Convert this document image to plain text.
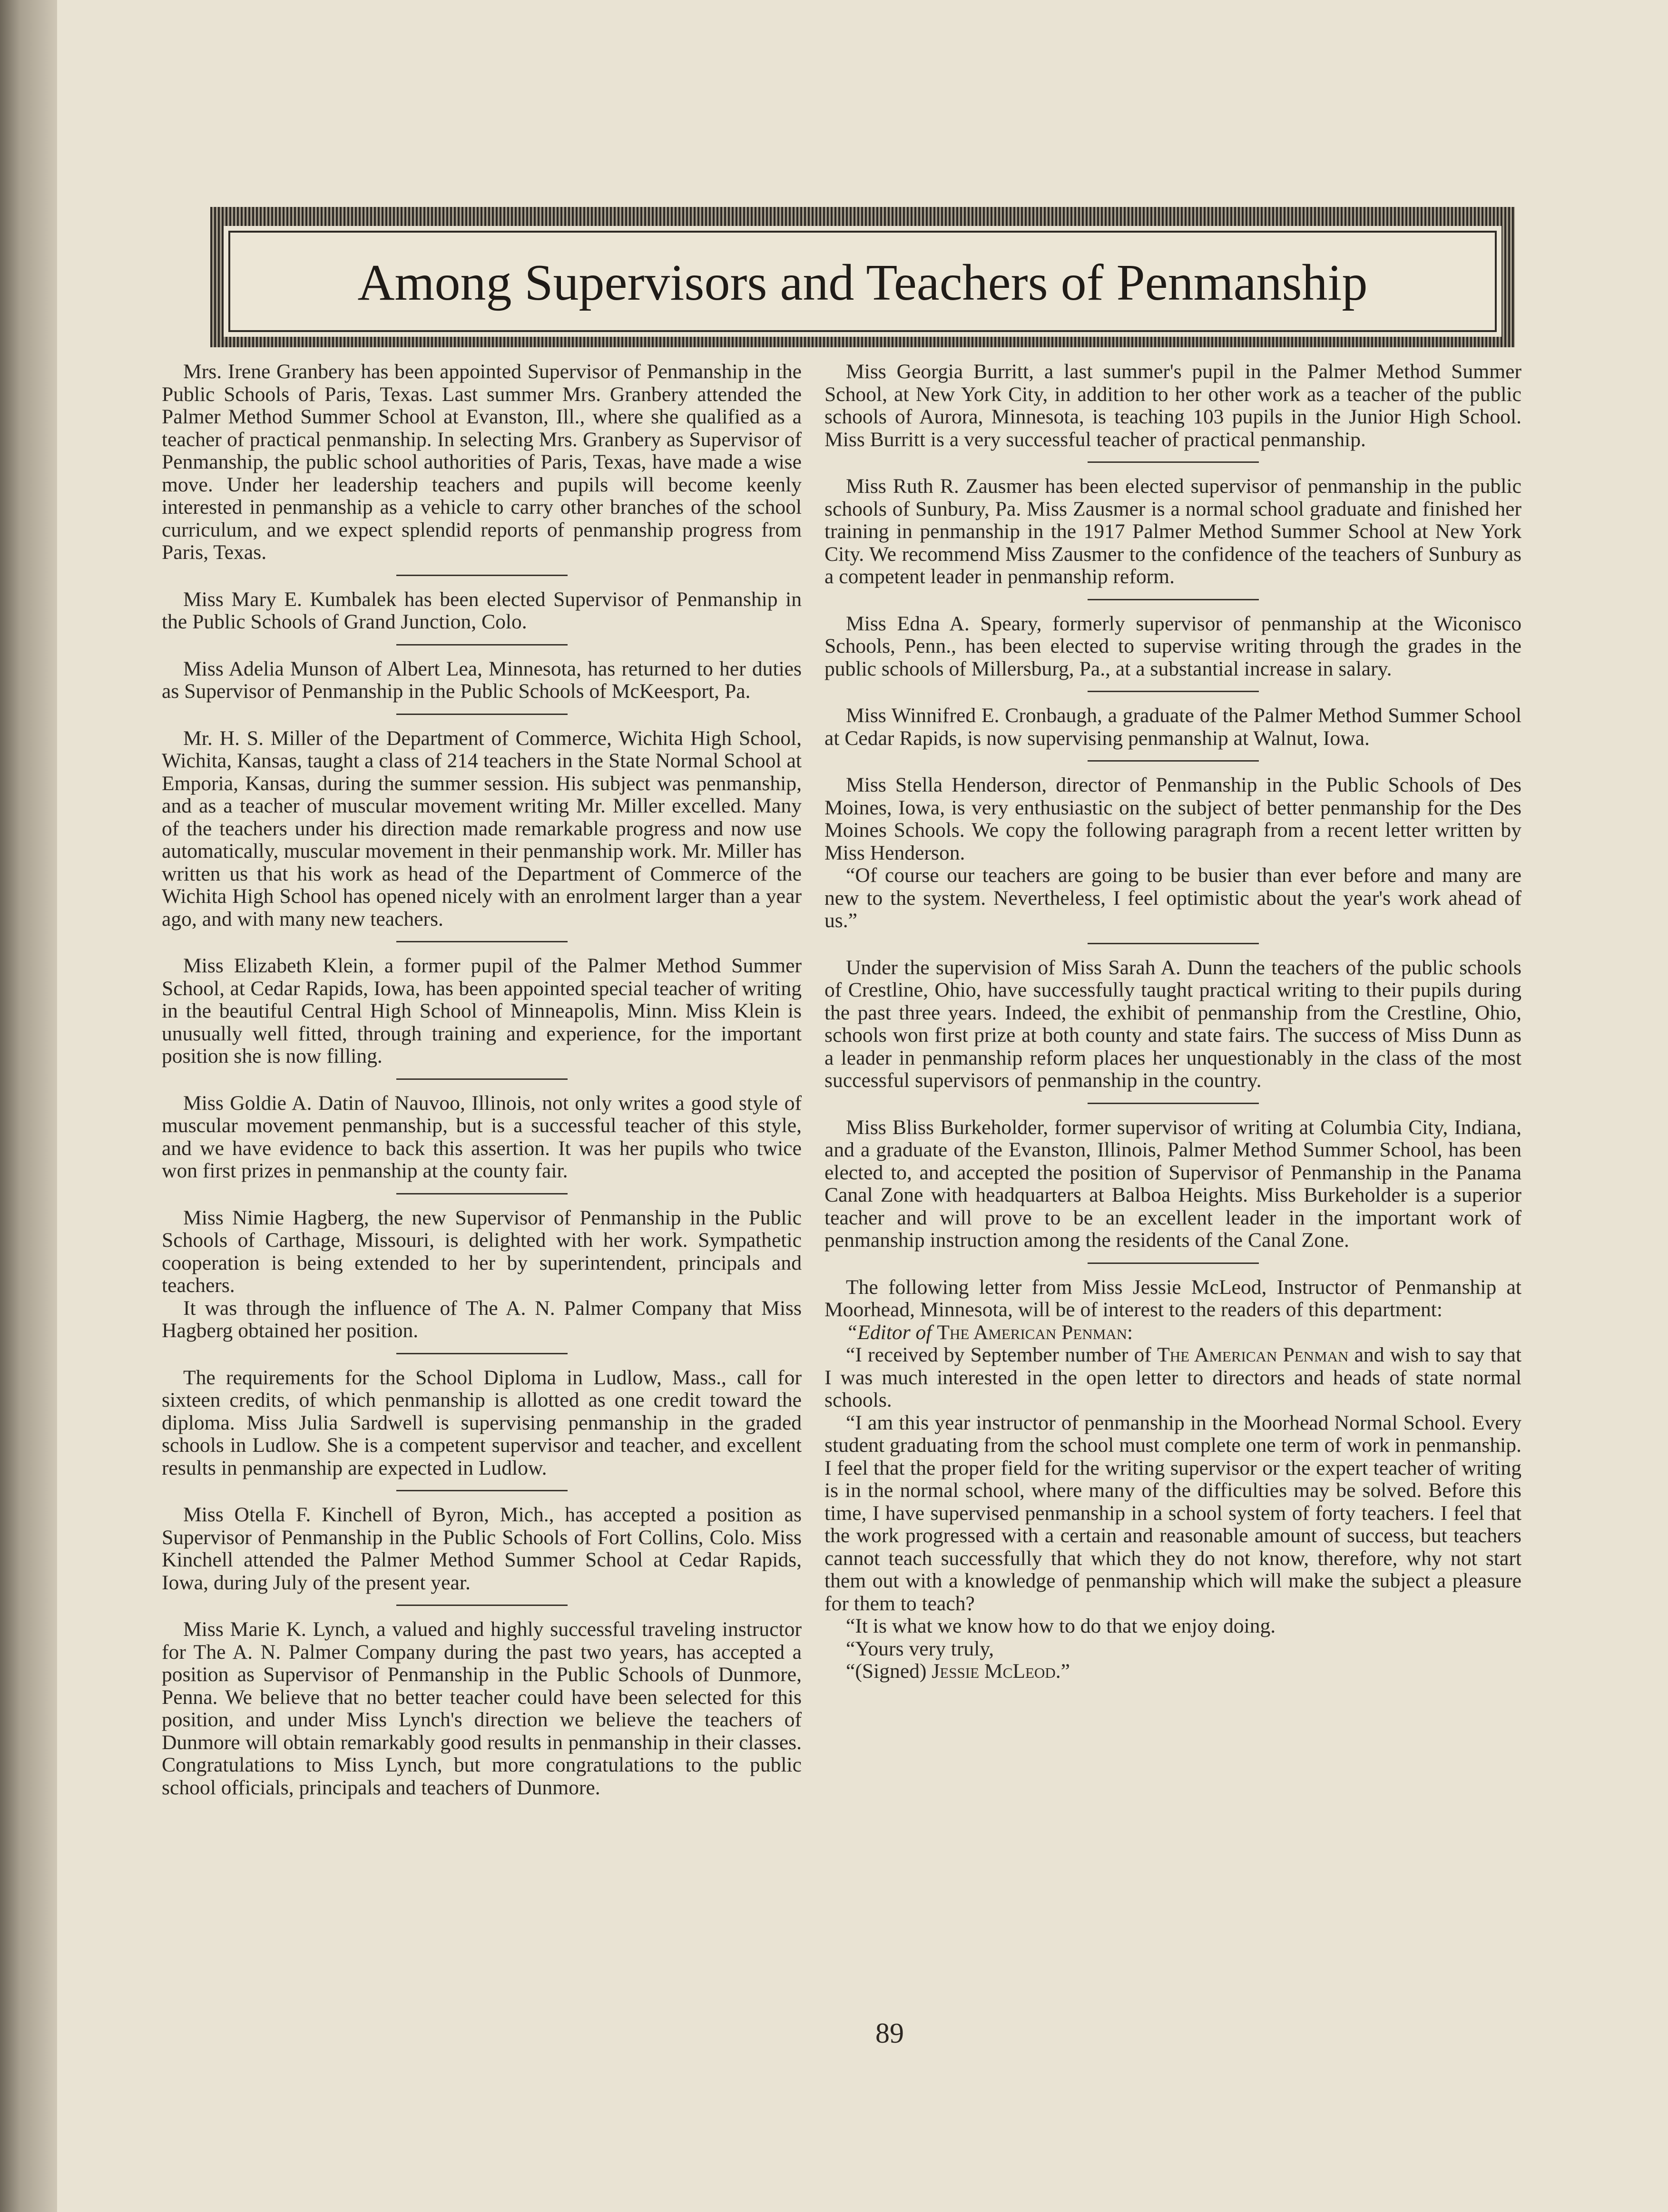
Among Supervisors and Teachers of Penmanship

Mrs. Irene Granbery has been appointed Supervisor of Penmanship in the Public Schools of Paris, Texas. Last summer Mrs. Granbery attended the Palmer Method Summer School at Evanston, Ill., where she qualified as a teacher of practical penmanship. In selecting Mrs. Granbery as Supervisor of Penmanship, the public school authorities of Paris, Texas, have made a wise move. Under her leadership teachers and pupils will become keenly interested in penmanship as a vehicle to carry other branches of the school curriculum, and we expect splendid reports of penmanship progress from Paris, Texas.

Miss Mary E. Kumbalek has been elected Supervisor of Penmanship in the Public Schools of Grand Junction, Colo.

Miss Adelia Munson of Albert Lea, Minnesota, has returned to her duties as Supervisor of Penmanship in the Public Schools of McKeesport, Pa.

Mr. H. S. Miller of the Department of Commerce, Wichita High School, Wichita, Kansas, taught a class of 214 teachers in the State Normal School at Emporia, Kansas, during the summer session. His subject was penmanship, and as a teacher of muscular movement writing Mr. Miller excelled. Many of the teachers under his direction made remarkable progress and now use automatically, muscular movement in their penmanship work. Mr. Miller has written us that his work as head of the Department of Commerce of the Wichita High School has opened nicely with an enrolment larger than a year ago, and with many new teachers.

Miss Elizabeth Klein, a former pupil of the Palmer Method Summer School, at Cedar Rapids, Iowa, has been appointed special teacher of writing in the beautiful Central High School of Minneapolis, Minn. Miss Klein is unusually well fitted, through training and experience, for the important position she is now filling.

Miss Goldie A. Datin of Nauvoo, Illinois, not only writes a good style of muscular movement penmanship, but is a successful teacher of this style, and we have evidence to back this assertion. It was her pupils who twice won first prizes in penmanship at the county fair.

Miss Nimie Hagberg, the new Supervisor of Penmanship in the Public Schools of Carthage, Missouri, is delighted with her work. Sympathetic cooperation is being extended to her by superintendent, principals and teachers.

It was through the influence of The A. N. Palmer Company that Miss Hagberg obtained her position.

The requirements for the School Diploma in Ludlow, Mass., call for sixteen credits, of which penmanship is allotted as one credit toward the diploma. Miss Julia Sardwell is supervising penmanship in the graded schools in Ludlow. She is a competent supervisor and teacher, and excellent results in penmanship are expected in Ludlow.

Miss Otella F. Kinchell of Byron, Mich., has accepted a position as Supervisor of Penmanship in the Public Schools of Fort Collins, Colo. Miss Kinchell attended the Palmer Method Summer School at Cedar Rapids, Iowa, during July of the present year.

Miss Marie K. Lynch, a valued and highly successful traveling instructor for The A. N. Palmer Company during the past two years, has accepted a position as Supervisor of Penmanship in the Public Schools of Dunmore, Penna. We believe that no better teacher could have been selected for this position, and under Miss Lynch's direction we believe the teachers of Dunmore will obtain remarkably good results in penmanship in their classes. Congratulations to Miss Lynch, but more congratulations to the public school officials, principals and teachers of Dunmore.

Miss Georgia Burritt, a last summer's pupil in the Palmer Method Summer School, at New York City, in addition to her other work as a teacher of the public schools of Aurora, Minnesota, is teaching 103 pupils in the Junior High School. Miss Burritt is a very successful teacher of practical penmanship.

Miss Ruth R. Zausmer has been elected supervisor of penmanship in the public schools of Sunbury, Pa. Miss Zausmer is a normal school graduate and finished her training in penmanship in the 1917 Palmer Method Summer School at New York City. We recommend Miss Zausmer to the confidence of the teachers of Sunbury as a competent leader in penmanship reform.

Miss Edna A. Speary, formerly supervisor of penmanship at the Wiconisco Schools, Penn., has been elected to supervise writing through the grades in the public schools of Millersburg, Pa., at a substantial increase in salary.

Miss Winnifred E. Cronbaugh, a graduate of the Palmer Method Summer School at Cedar Rapids, is now supervising penmanship at Walnut, Iowa.

Miss Stella Henderson, director of Penmanship in the Public Schools of Des Moines, Iowa, is very enthusiastic on the subject of better penmanship for the Des Moines Schools. We copy the following paragraph from a recent letter written by Miss Henderson.

“Of course our teachers are going to be busier than ever before and many are new to the system. Nevertheless, I feel optimistic about the year's work ahead of us.”

Under the supervision of Miss Sarah A. Dunn the teachers of the public schools of Crestline, Ohio, have successfully taught practical writing to their pupils during the past three years. Indeed, the exhibit of penmanship from the Crestline, Ohio, schools won first prize at both county and state fairs. The success of Miss Dunn as a leader in penmanship reform places her unquestionably in the class of the most successful supervisors of penmanship in the country.

Miss Bliss Burkeholder, former supervisor of writing at Columbia City, Indiana, and a graduate of the Evanston, Illinois, Palmer Method Summer School, has been elected to, and accepted the position of Supervisor of Penmanship in the Panama Canal Zone with headquarters at Balboa Heights. Miss Burkeholder is a superior teacher and will prove to be an excellent leader in the important work of penmanship instruction among the residents of the Canal Zone.

The following letter from Miss Jessie McLeod, Instructor of Penmanship at Moorhead, Minnesota, will be of interest to the readers of this department:

“Editor of The American Penman:

“I received by September number of The American Penman and wish to say that I was much interested in the open letter to directors and heads of state normal schools.

“I am this year instructor of penmanship in the Moorhead Normal School. Every student graduating from the school must complete one term of work in penmanship. I feel that the proper field for the writing supervisor or the expert teacher of writing is in the normal school, where many of the difficulties may be solved. Before this time, I have supervised penmanship in a school system of forty teachers. I feel that the work progressed with a certain and reasonable amount of success, but teachers cannot teach successfully that which they do not know, therefore, why not start them out with a knowledge of penmanship which will make the subject a pleasure for them to teach?

“It is what we know how to do that we enjoy doing.

“Yours very truly,

“(Signed) Jessie McLeod.”

89
